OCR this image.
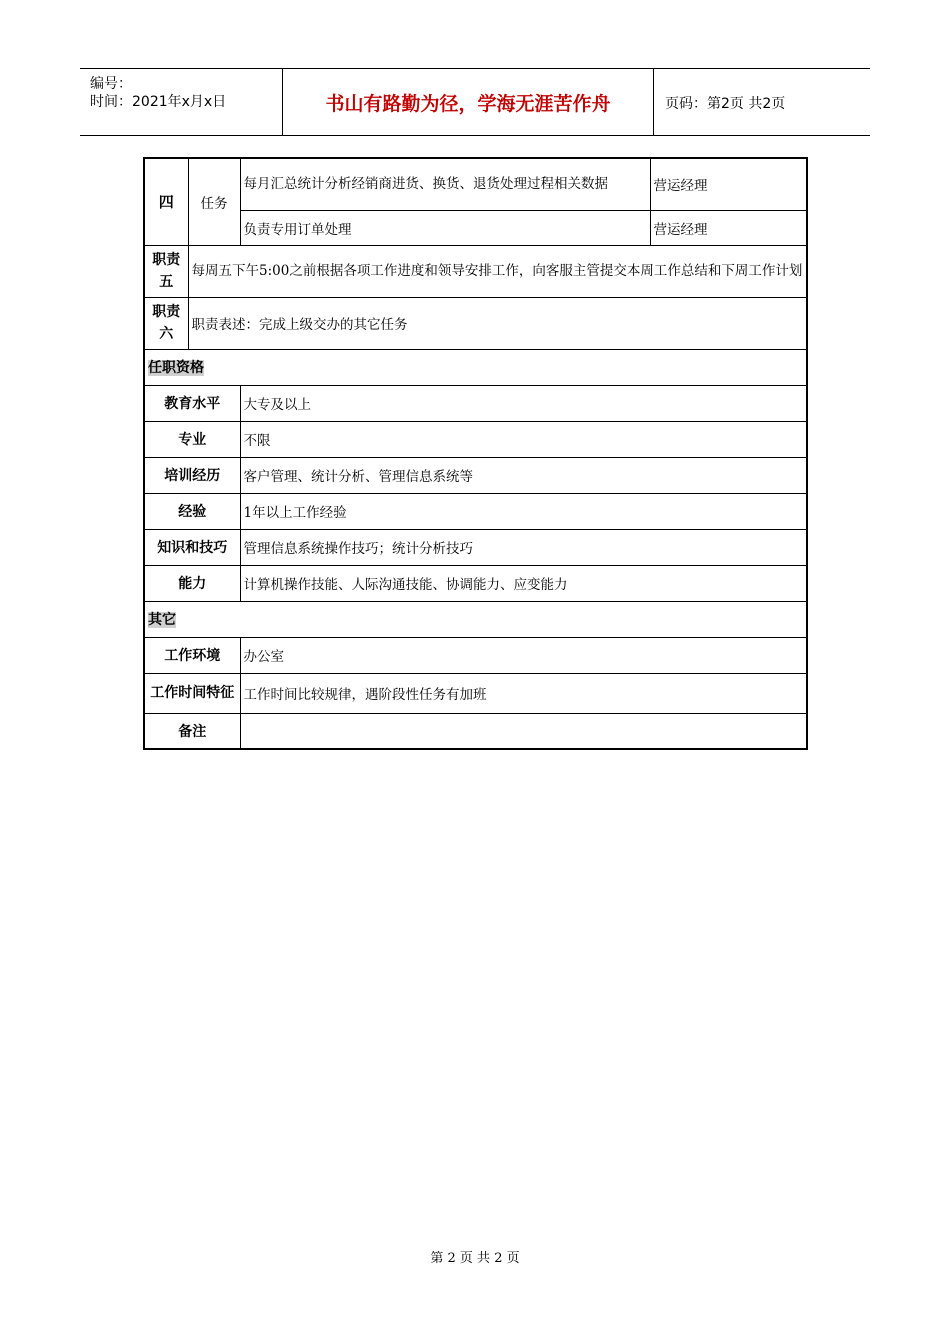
编号：
时间：2021年x月x日	书山有路勤为径，学海无涯苦作舟	页码：第2页 共2页
四	任务	每月汇总统计分析经销商进货、换货、退货处理过程相关数据	营运经理
		负责专用订单处理	营运经理

职责
五	每周五下午5:00之前根据各项工作进度和领导安排工作，向客服主管提交本周工作总结和下周工作计划		

职责
六	职责表述：完成上级交办的其它任务		
任职资格			
教育水平		大专及以上	
专业		不限	
培训经历		客户管理、统计分析、管理信息系统等	
经验		1年以上工作经验	
知识和技巧		管理信息系统操作技巧；统计分析技巧	
能力		计算机操作技能、人际沟通技能、协调能力、应变能力	
其它			
工作环境		办公室	
工作时间特征		工作时间比较规律，遇阶段性任务有加班	
备注			
第 2 页 共 2 页
